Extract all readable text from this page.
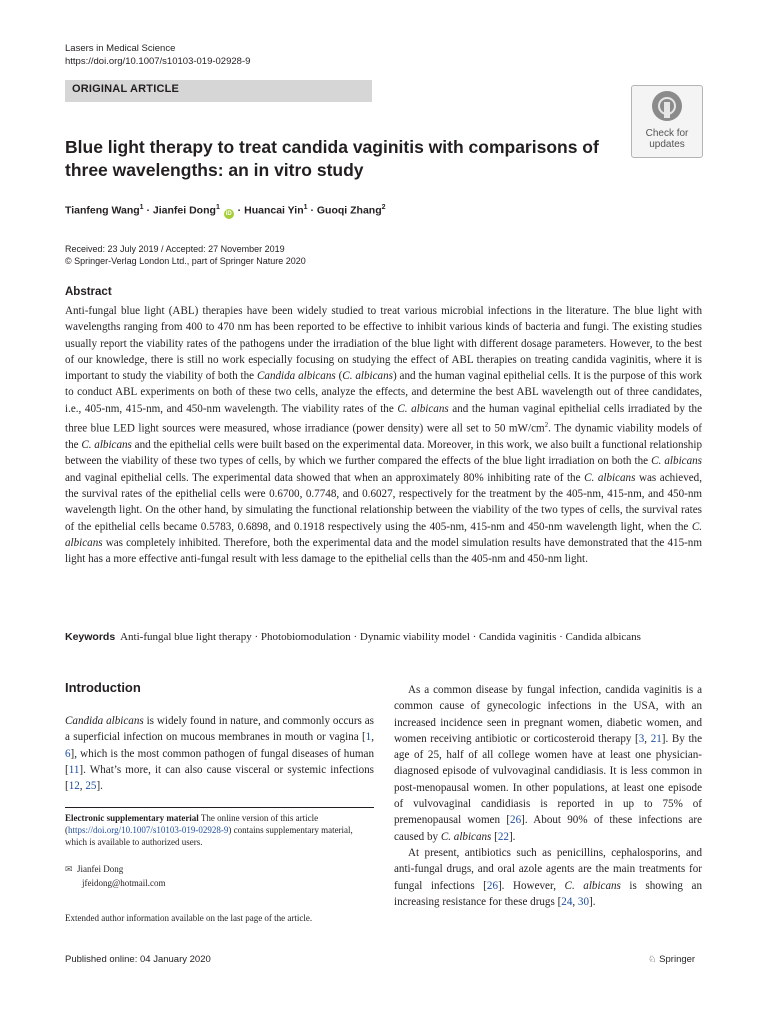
Lasers in Medical Science
https://doi.org/10.1007/s10103-019-02928-9
ORIGINAL ARTICLE
Check for
updates
Blue light therapy to treat candida vaginitis with comparisons of three wavelengths: an in vitro study
Tianfeng Wang$^1$ · Jianfei Dong$^1$ iD · Huancai Yin$^1$ · Guoqi Zhang$^2$
Received: 23 July 2019 / Accepted: 27 November 2019
© Springer-Verlag London Ltd., part of Springer Nature 2020
Abstract
Anti-fungal blue light (ABL) therapies have been widely studied to treat various microbial infections in the literature. The blue light with wavelengths ranging from 400 to 470 nm has been reported to be effective to inhibit various kinds of bacteria and fungi. The existing studies usually report the viability rates of the pathogens under the irradiation of the blue light with different dosage parameters. However, to the best of our knowledge, there is still no work especially focusing on studying the effect of ABL therapies on treating candida vaginitis, where it is important to study the viability of both the Candida albicans (C. albicans) and the human vaginal epithelial cells. It is the purpose of this work to conduct ABL experiments on both of these two cells, analyze the effects, and determine the best ABL wavelength out of three candidates, i.e., 405-nm, 415-nm, and 450-nm wavelength. The viability rates of the C. albicans and the human vaginal epithelial cells irradiated by the three blue LED light sources were measured, whose irradiance (power density) were all set to 50 $mW/cm^2$. The dynamic viability models of the C. albicans and the epithelial cells were built based on the experimental data. Moreover, in this work, we also built a functional relationship between the viability of these two types of cells, by which we further compared the effects of the blue light irradiation on both the C. albicans and vaginal epithelial cells. The experimental data showed that when an approximately 80% inhibiting rate of the C. albicans was achieved, the survival rates of the epithelial cells were 0.6700, 0.7748, and 0.6027, respectively for the treatment by the 405-nm, 415-nm, and 450-nm wavelength light. On the other hand, by simulating the functional relationship between the viability of the two types of cells, the survival rates of the epithelial cells became 0.5783, 0.6898, and 0.1918 respectively using the 405-nm, 415-nm and 450-nm wavelength light, when the C. albicans was completely inhibited. Therefore, both the experimental data and the model simulation results have demonstrated that the 415-nm light has a more effective anti-fungal result with less damage to the epithelial cells than the 405-nm and 450-nm light.
Keywords Anti-fungal blue light therapy · Photobiomodulation · Dynamic viability model · Candida vaginitis · Candida albicans
Introduction

Candida albicans is widely found in nature, and commonly occurs as a superficial infection on mucous membranes in mouth or vagina [1, 6], which is the most common pathogen of fungal diseases of human [11]. What’s more, it can also cause visceral or systemic infections [12, 25].

Electronic supplementary material The online version of this article (https://doi.org/10.1007/s10103-019-02928-9) contains supplementary material, which is available to authorized users.
✉ Jianfei Dong
jfeidong@hotmail.com
Extended author information available on the last page of the article.

As a common disease by fungal infection, candida vaginitis is a common cause of gynecologic infections in the USA, with an increased incidence seen in pregnant women, diabetic women, and women receiving antibiotic or corticosteroid therapy [3, 21]. By the age of 25, half of all college women have at least one physician-diagnosed episode of vulvovaginal candidiasis. It is less common in post-menopausal women. In other populations, at least one episode of vulvovaginal candidiasis is reported in up to 75% of premenopausal women [26]. About 90% of these infections are caused by C. albicans [22].

At present, antibiotics such as penicillins, cephalosporins, and anti-fungal drugs, and oral azole agents are the main treatments for fungal infections [26]. However, C. albicans is showing an increasing resistance for these drugs [24, 30].

Published online: 04 January 2020	♘ Springer
